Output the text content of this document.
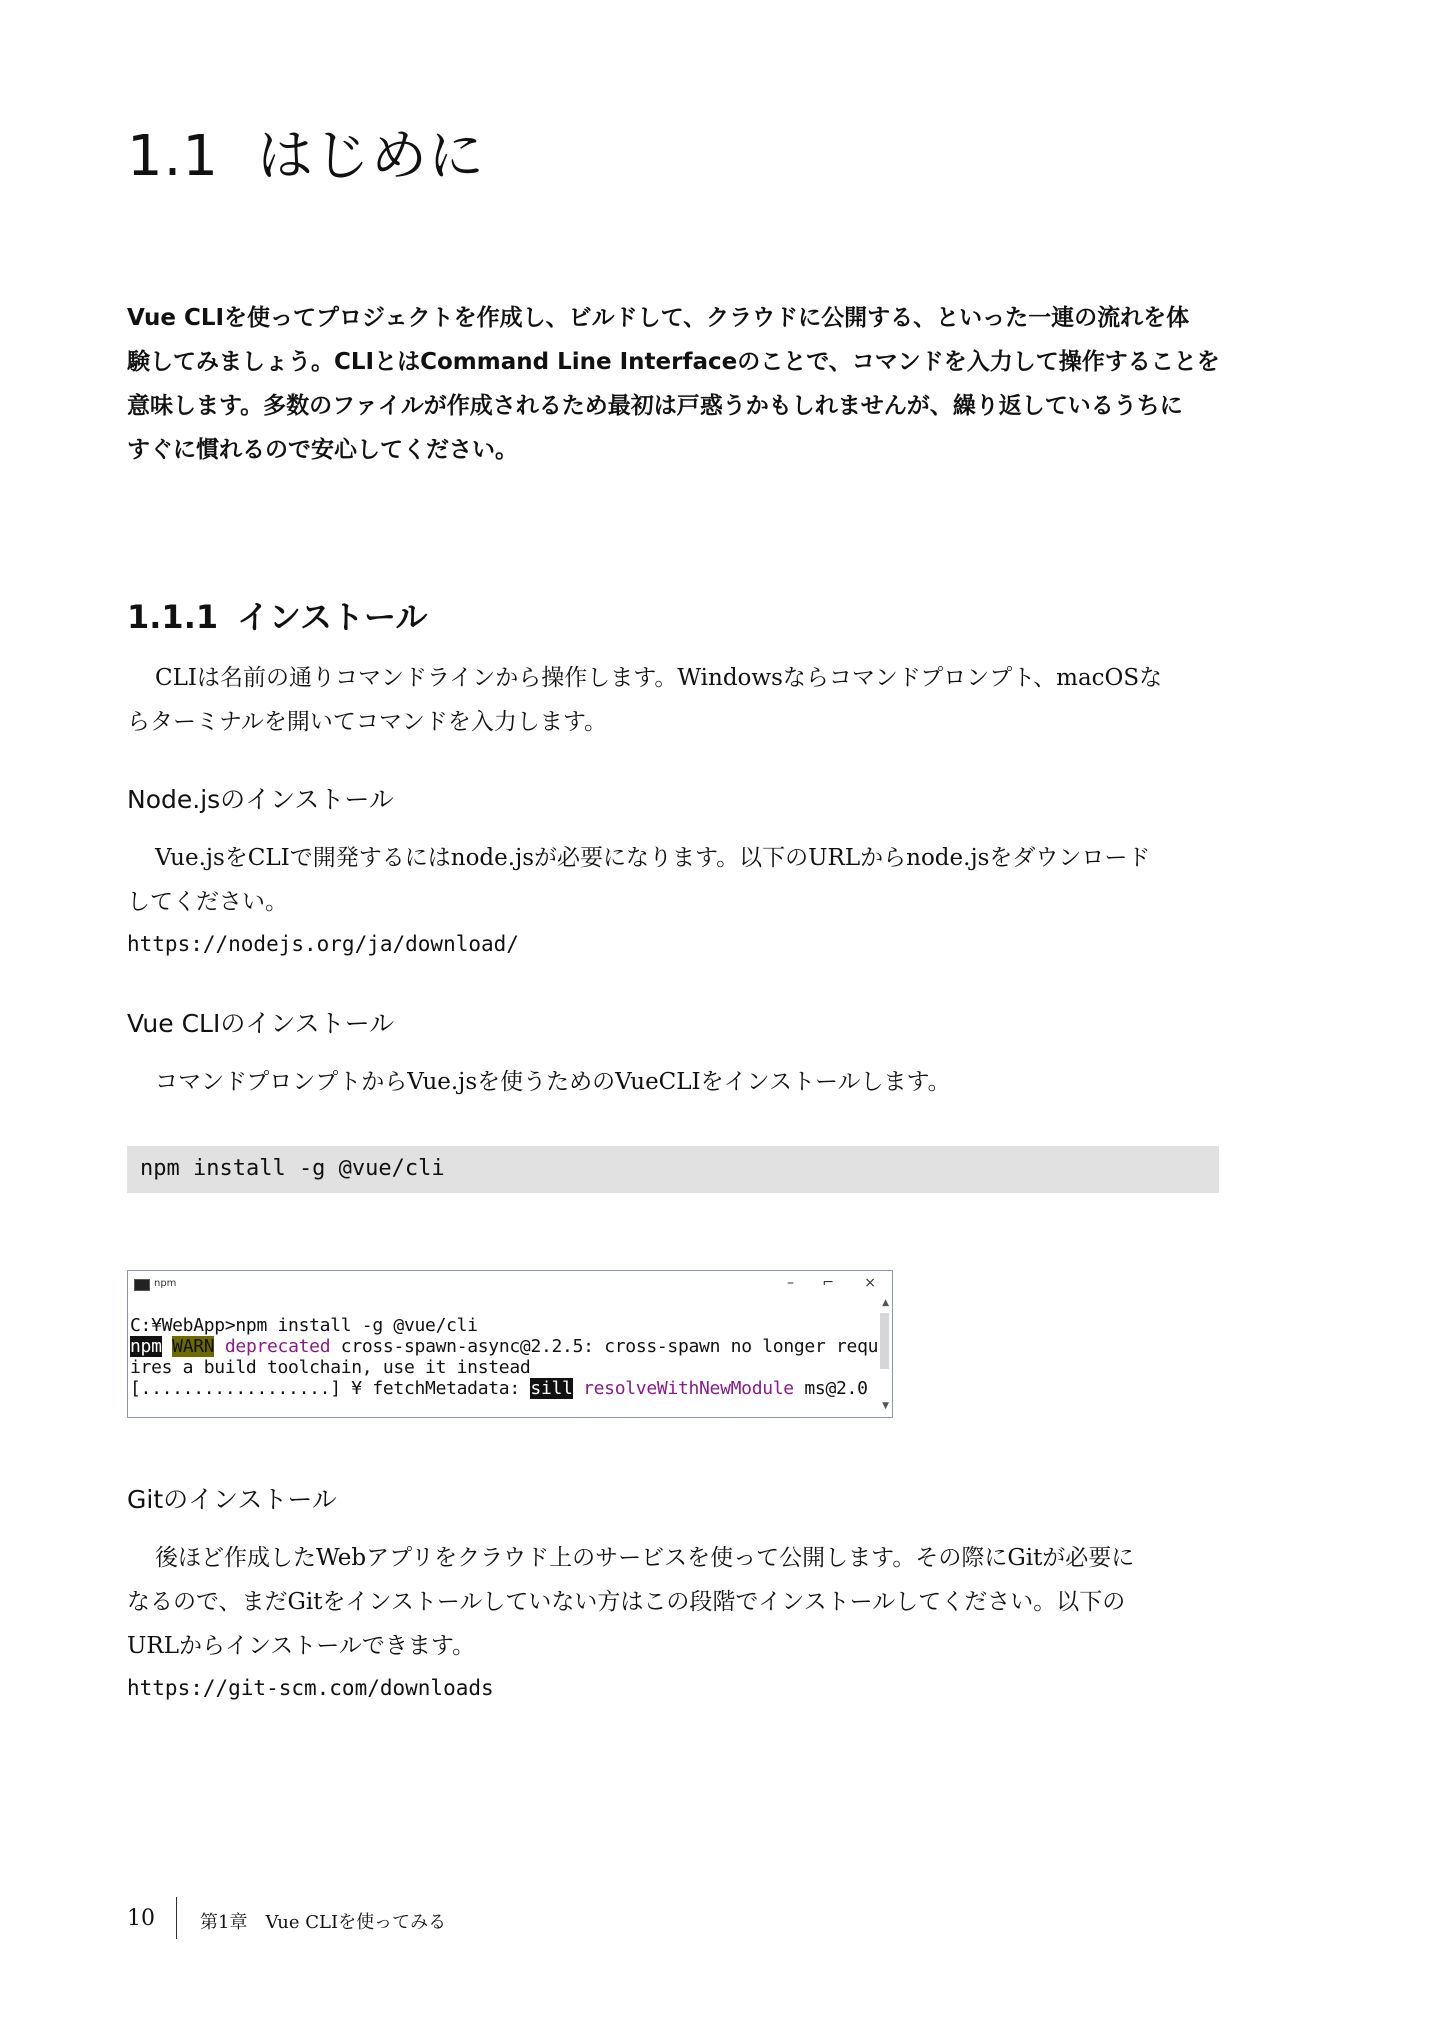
1.1 はじめに
Vue CLIを使ってプロジェクトを作成し、ビルドして、クラウドに公開する、といった一連の流れを体
験してみましょう。CLIとはCommand Line Interfaceのことで、コマンドを入力して操作することを
意味します。多数のファイルが作成されるため最初は戸惑うかもしれませんが、繰り返しているうちに
すぐに慣れるので安心してください。
1.1.1 インストール
CLIは名前の通りコマンドラインから操作します。Windowsならコマンドプロンプト、macOSな
らターミナルを開いてコマンドを入力します。
Node.jsのインストール
Vue.jsをCLIで開発するにはnode.jsが必要になります。以下のURLからnode.jsをダウンロード
してください。
https://nodejs.org/ja/download/
Vue CLIのインストール
コマンドプロンプトからVue.jsを使うためのVueCLIをインストールします。
npm install -g @vue/cli
npm	– ⌐ ×
C:¥WebApp>npm install -g @vue/cli
npm WARN deprecated cross-spawn-async@2.2.5: cross-spawn no longer requ
ires a build toolchain, use it instead
[..................] ¥ fetchMetadata: sill resolveWithNewModule ms@2.0
▲
▼
Gitのインストール
後ほど作成したWebアプリをクラウド上のサービスを使って公開します。その際にGitが必要に
なるので、まだGitをインストールしていない方はこの段階でインストールしてください。以下の
URLからインストールできます。
https://git-scm.com/downloads
10	第1章　Vue CLIを使ってみる
